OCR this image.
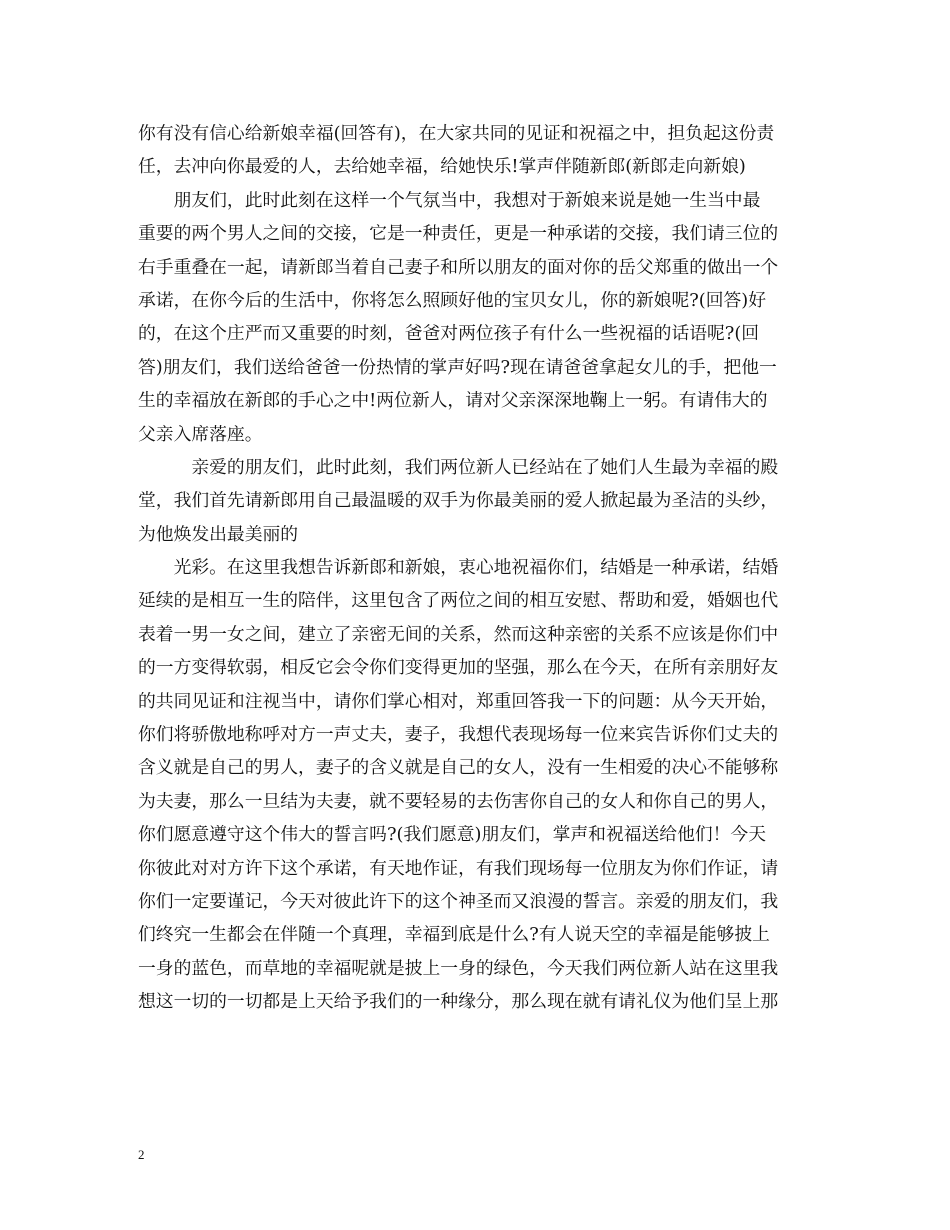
你有没有信心给新娘幸福(回答有)，在大家共同的见证和祝福之中，担负起这份责
任，去冲向你最爱的人，去给她幸福，给她快乐!掌声伴随新郎(新郎走向新娘)
　　朋友们，此时此刻在这样一个气氛当中，我想对于新娘来说是她一生当中最
重要的两个男人之间的交接，它是一种责任，更是一种承诺的交接，我们请三位的
右手重叠在一起，请新郎当着自己妻子和所以朋友的面对你的岳父郑重的做出一个
承诺，在你今后的生活中，你将怎么照顾好他的宝贝女儿，你的新娘呢?(回答)好
的，在这个庄严而又重要的时刻，爸爸对两位孩子有什么一些祝福的话语呢?(回
答)朋友们，我们送给爸爸一份热情的掌声好吗?现在请爸爸拿起女儿的手，把他一
生的幸福放在新郎的手心之中!两位新人，请对父亲深深地鞠上一躬。有请伟大的
父亲入席落座。
　　　亲爱的朋友们，此时此刻，我们两位新人已经站在了她们人生最为幸福的殿
堂，我们首先请新郎用自己最温暖的双手为你最美丽的爱人掀起最为圣洁的头纱，
为他焕发出最美丽的
　　光彩。在这里我想告诉新郎和新娘，衷心地祝福你们，结婚是一种承诺，结婚
延续的是相互一生的陪伴，这里包含了两位之间的相互安慰、帮助和爱，婚姻也代
表着一男一女之间，建立了亲密无间的关系，然而这种亲密的关系不应该是你们中
的一方变得软弱，相反它会令你们变得更加的坚强，那么在今天，在所有亲朋好友
的共同见证和注视当中，请你们掌心相对，郑重回答我一下的问题：从今天开始，
你们将骄傲地称呼对方一声丈夫，妻子，我想代表现场每一位来宾告诉你们丈夫的
含义就是自己的男人，妻子的含义就是自己的女人，没有一生相爱的决心不能够称
为夫妻，那么一旦结为夫妻，就不要轻易的去伤害你自己的女人和你自己的男人，
你们愿意遵守这个伟大的誓言吗?(我们愿意)朋友们，掌声和祝福送给他们！今天
你彼此对对方许下这个承诺，有天地作证，有我们现场每一位朋友为你们作证，请
你们一定要谨记，今天对彼此许下的这个神圣而又浪漫的誓言。亲爱的朋友们，我
们终究一生都会在伴随一个真理，幸福到底是什么?有人说天空的幸福是能够披上
一身的蓝色，而草地的幸福呢就是披上一身的绿色，今天我们两位新人站在这里我
想这一切的一切都是上天给予我们的一种缘分，那么现在就有请礼仪为他们呈上那
2
